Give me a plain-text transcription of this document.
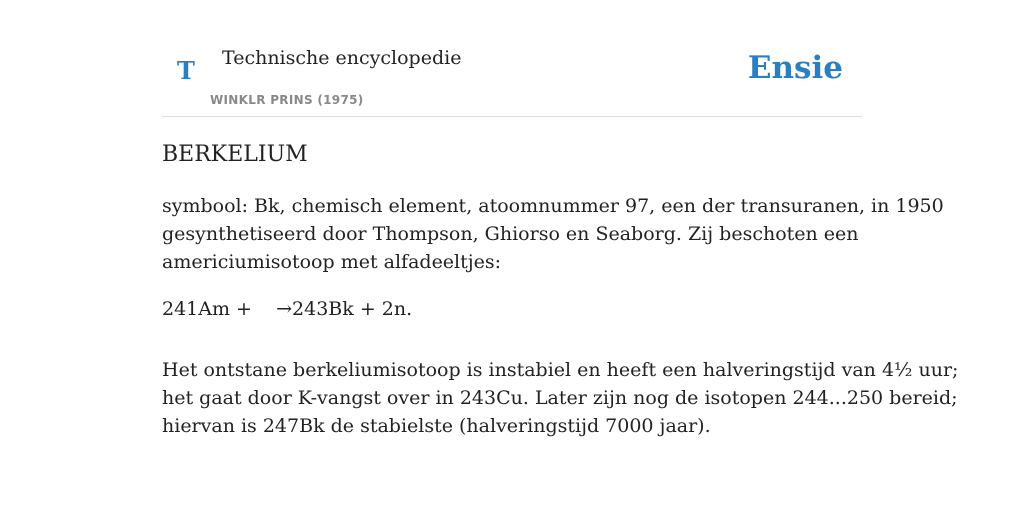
T Technische encyclopedie
WINKLR PRINS (1975)
Ensie
BERKELIUM

symbool: Bk, chemisch element, atoomnummer 97, een der transuranen, in 1950
gesynthetiseerd door Thompson, Ghiorso en Seaborg. Zij beschoten een
americiumisotoop met alfadeeltjes:

241Am +    →243Bk + 2n.

Het ontstane berkeliumisotoop is instabiel en heeft een halveringstijd van 4½ uur;
het gaat door K-vangst over in 243Cu. Later zijn nog de isotopen 244...250 bereid;
hiervan is 247Bk de stabielste (halveringstijd 7000 jaar).
